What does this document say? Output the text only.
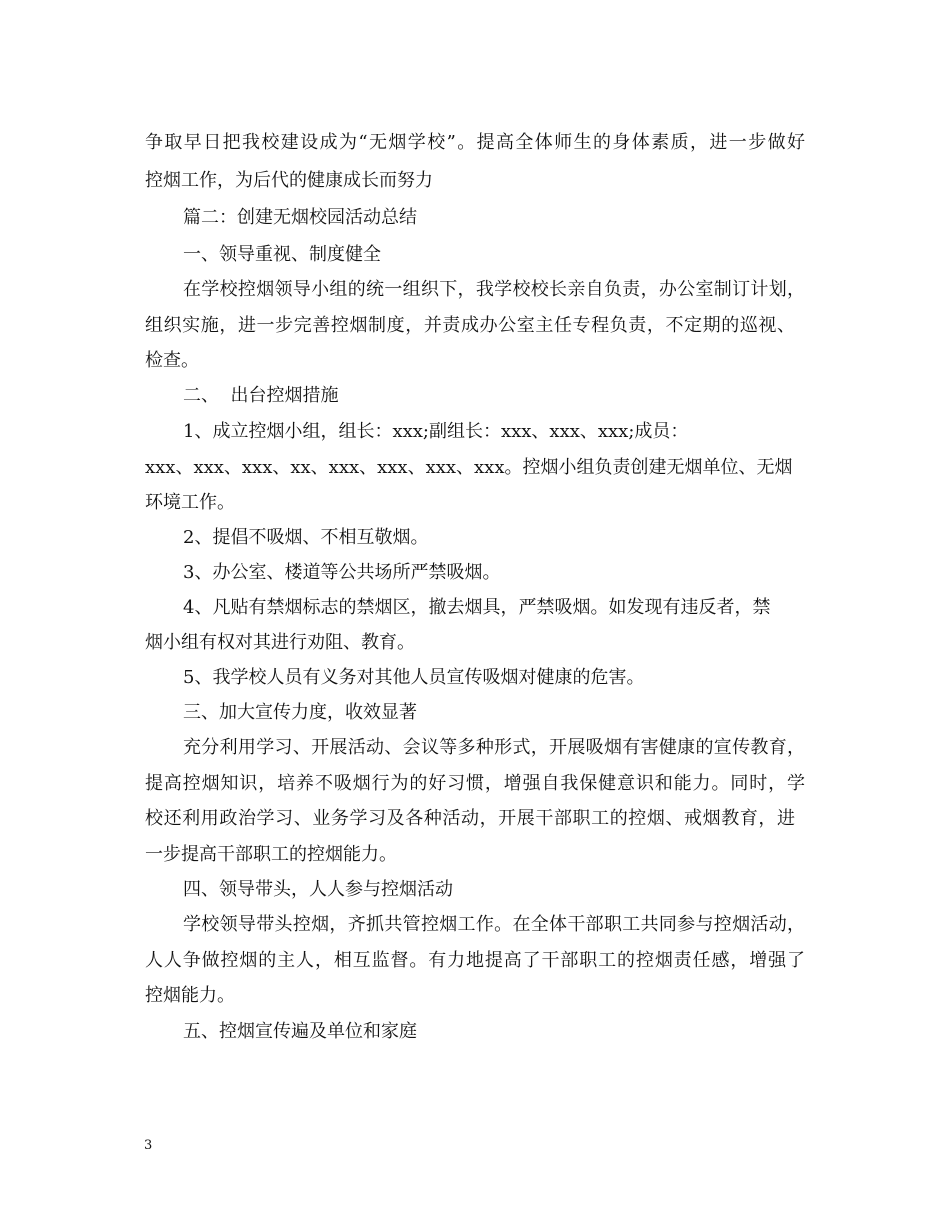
争取早日把我校建设成为“无烟学校”。提高全体师生的身体素质，进一步做好
控烟工作，为后代的健康成长而努力
篇二：创建无烟校园活动总结
一、领导重视、制度健全
在学校控烟领导小组的统一组织下，我学校校长亲自负责，办公室制订计划，
组织实施，进一步完善控烟制度，并责成办公室主任专程负责，不定期的巡视、
检查。
二、  出台控烟措施
1、成立控烟小组，组长：xxx;副组长：xxx、xxx、xxx;成员：
xxx、xxx、xxx、xx、xxx、xxx、xxx、xxx。控烟小组负责创建无烟单位、无烟
环境工作。
2、提倡不吸烟、不相互敬烟。
3、办公室、楼道等公共场所严禁吸烟。
4、凡贴有禁烟标志的禁烟区，撤去烟具，严禁吸烟。如发现有违反者，禁
烟小组有权对其进行劝阻、教育。
5、我学校人员有义务对其他人员宣传吸烟对健康的危害。
三、加大宣传力度，收效显著
充分利用学习、开展活动、会议等多种形式，开展吸烟有害健康的宣传教育，
提高控烟知识，培养不吸烟行为的好习惯，增强自我保健意识和能力。同时，学
校还利用政治学习、业务学习及各种活动，开展干部职工的控烟、戒烟教育，进
一步提高干部职工的控烟能力。
四、领导带头，人人参与控烟活动
学校领导带头控烟，齐抓共管控烟工作。在全体干部职工共同参与控烟活动，
人人争做控烟的主人，相互监督。有力地提高了干部职工的控烟责任感，增强了
控烟能力。
五、控烟宣传遍及单位和家庭
3
